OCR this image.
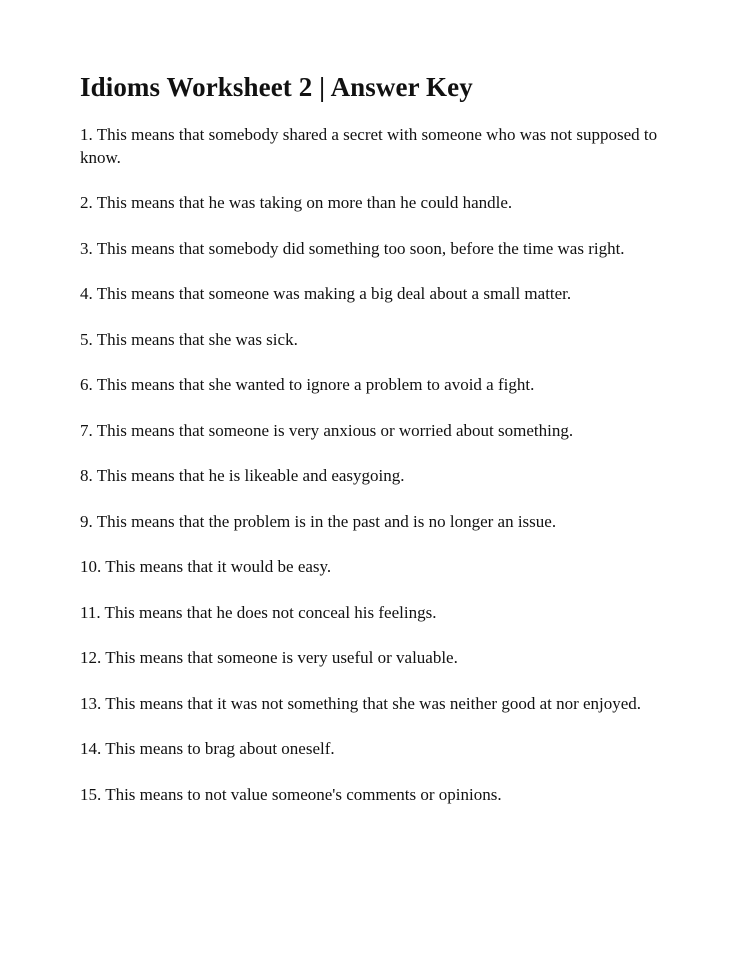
Idioms Worksheet 2 | Answer Key

1. This means that somebody shared a secret with someone who was not supposed to know.

2. This means that he was taking on more than he could handle.

3. This means that somebody did something too soon, before the time was right.

4. This means that someone was making a big deal about a small matter.

5. This means that she was sick.

6. This means that she wanted to ignore a problem to avoid a fight.

7. This means that someone is very anxious or worried about something.

8. This means that he is likeable and easygoing.

9. This means that the problem is in the past and is no longer an issue.

10. This means that it would be easy.

11. This means that he does not conceal his feelings.

12. This means that someone is very useful or valuable.

13. This means that it was not something that she was neither good at nor enjoyed.

14. This means to brag about oneself.

15. This means to not value someone's comments or opinions.
